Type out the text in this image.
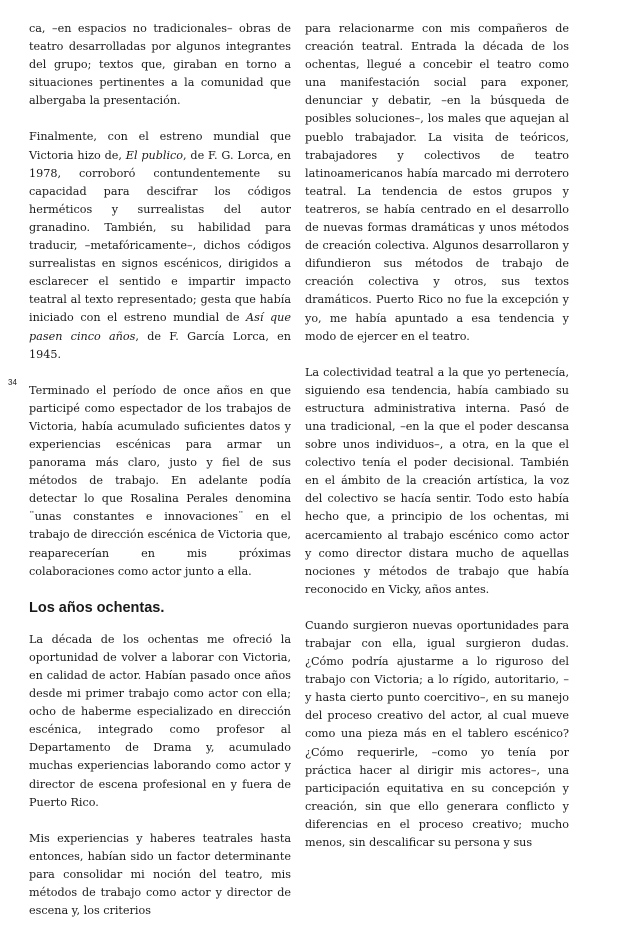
34

ca, –en espacios no tradicionales– obras de teatro desarrolladas por algunos integrantes del grupo; textos que, giraban en torno a situaciones pertinentes a la comunidad que albergaba la presentación.

Finalmente, con el estreno mundial que Victoria hizo de, El publico, de F. G. Lorca, en 1978, corroboró contundentemente su capacidad para descifrar los códigos herméticos y surrealistas del autor granadino. También, su habilidad para traducir, –metafóricamente–, dichos códigos surrealistas en signos escénicos, dirigidos a esclarecer el sentido e impartir impacto teatral al texto representado; gesta que había iniciado con el estreno mundial de Así que pasen cinco años, de F. García Lorca, en 1945.

Terminado el período de once años en que participé como espectador de los trabajos de Victoria, había acumulado suficientes datos y experiencias escénicas para armar un panorama más claro, justo y fiel de sus métodos de trabajo. En adelante podía detectar lo que Rosalina Perales denomina ¨unas constantes e innovaciones¨ en el trabajo de dirección escénica de Victoria que, reaparecerían en mis próximas colaboraciones como actor junto a ella.

Los años ochentas.

La década de los ochentas me ofreció la oportunidad de volver a laborar con Victoria, en calidad de actor. Habían pasado once años desde mi primer trabajo como actor con ella; ocho de haberme especializado en dirección escénica, integrado como profesor al Departamento de Drama y, acumulado muchas experiencias laborando como actor y director de escena profesional en y fuera de Puerto Rico.

Mis experiencias y haberes teatrales hasta entonces, habían sido un factor determinante para consolidar mi noción del teatro, mis métodos de trabajo como actor y director de escena y, los criterios

para relacionarme con mis compañeros de creación teatral. Entrada la década de los ochentas, llegué a concebir el teatro como una manifestación social para exponer, denunciar y debatir, –en la búsqueda de posibles soluciones–, los males que aquejan al pueblo trabajador. La visita de teóricos, trabajadores y colectivos de teatro latinoamericanos había marcado mi derrotero teatral. La tendencia de estos grupos y teatreros, se había centrado en el desarrollo de nuevas formas dramáticas y unos métodos de creación colectiva. Algunos desarrollaron y difundieron sus métodos de trabajo de creación colectiva y otros, sus textos dramáticos. Puerto Rico no fue la excepción y yo, me había apuntado a esa tendencia y modo de ejercer en el teatro.

La colectividad teatral a la que yo pertenecía, siguiendo esa tendencia, había cambiado su estructura administrativa interna. Pasó de una tradicional, –en la que el poder descansa sobre unos individuos–, a otra, en la que el colectivo tenía el poder decisional. También en el ámbito de la creación artística, la voz del colectivo se hacía sentir. Todo esto había hecho que, a principio de los ochentas, mi acercamiento al trabajo escénico como actor y como director distara mucho de aquellas nociones y métodos de trabajo que había reconocido en Vicky, años antes.

Cuando surgieron nuevas oportunidades para trabajar con ella, igual surgieron dudas. ¿Cómo podría ajustarme a lo riguroso del trabajo con Victoria; a lo rígido, autoritario, –y hasta cierto punto coercitivo–, en su manejo del proceso creativo del actor, al cual mueve como una pieza más en el tablero escénico? ¿Cómo requerirle, –como yo tenía por práctica hacer al dirigir mis actores–, una participación equitativa en su concepción y creación, sin que ello generara conflicto y diferencias en el proceso creativo; mucho menos, sin descalificar su persona y sus
